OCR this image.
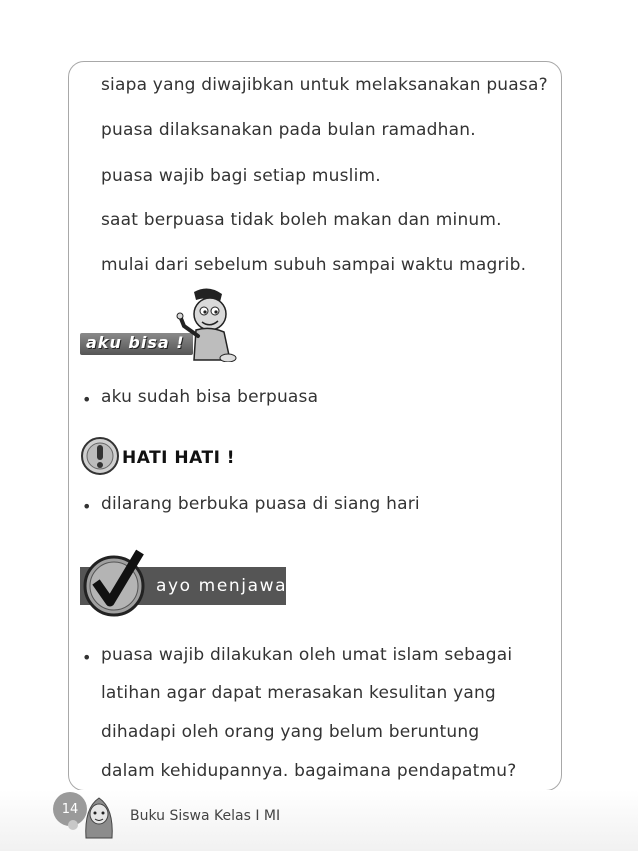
siapa yang diwajibkan untuk melaksanakan puasa?
puasa dilaksanakan pada bulan ramadhan.
puasa wajib bagi setiap muslim.
saat berpuasa tidak boleh makan dan minum.
mulai dari sebelum subuh sampai waktu magrib.
aku bisa !
• aku sudah bisa berpuasa
HATI HATI !
• dilarang berbuka puasa di siang hari
ayo menjawab
• puasa wajib dilakukan oleh umat islam sebagai
latihan agar dapat merasakan kesulitan yang
dihadapi oleh orang yang belum beruntung
dalam kehidupannya. bagaimana pendapatmu?
14	Buku Siswa Kelas I MI
